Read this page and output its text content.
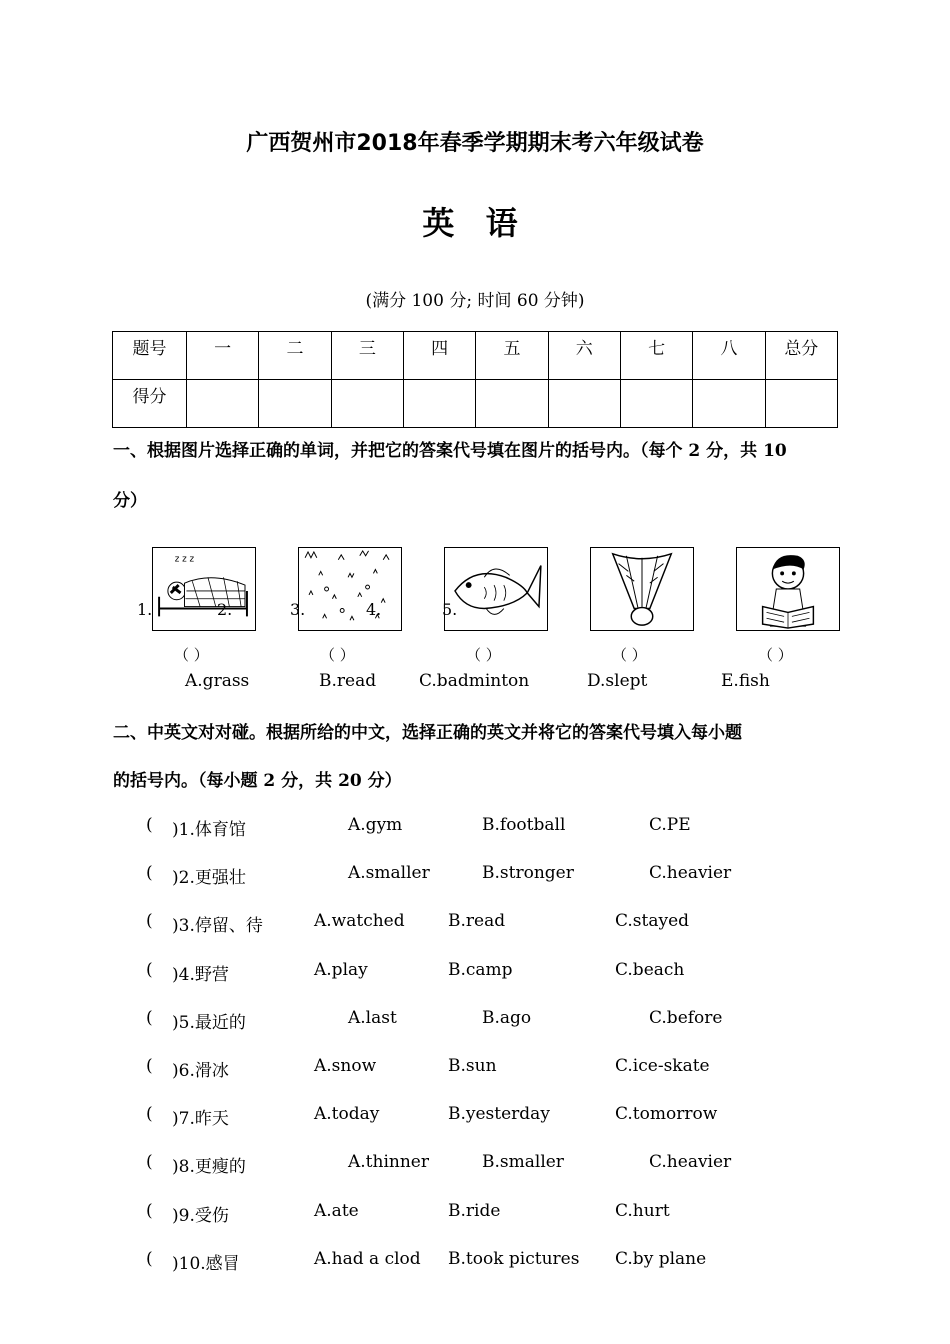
广西贺州市2018年春季学期期末考六年级试卷
英 语
(满分 100 分; 时间 60 分钟)
题号	一	二	三	四	五	六	七	八	总分
得分									
一、根据图片选择正确的单词，并把它的答案代号填在图片的括号内。（每个 2 分，共 10
分）
z z z
1.	2.	3.	4.	5.
（ ）	（ ）	（ ）	（ ）	（ ）
A.grass	B.read	C.badminton	D.slept	E.fish
二、中英文对对碰。根据所给的中文，选择正确的英文并将它的答案代号填入每小题
的括号内。（每小题 2 分，共 20 分）
( )1.体育馆	A.gym	B.football	C.PE
( )2.更强壮	A.smaller	B.stronger	C.heavier
( )3.停留、待	A.watched	B.read	C.stayed
( )4.野营	A.play	B.camp	C.beach
( )5.最近的	A.last	B.ago	C.before
( )6.滑冰	A.snow	B.sun	C.ice-skate
( )7.昨天	A.today	B.yesterday	C.tomorrow
( )8.更瘦的	A.thinner	B.smaller	C.heavier
( )9.受伤	A.ate	B.ride	C.hurt
( )10.感冒	A.had a clod B.took pictures C.by plane
